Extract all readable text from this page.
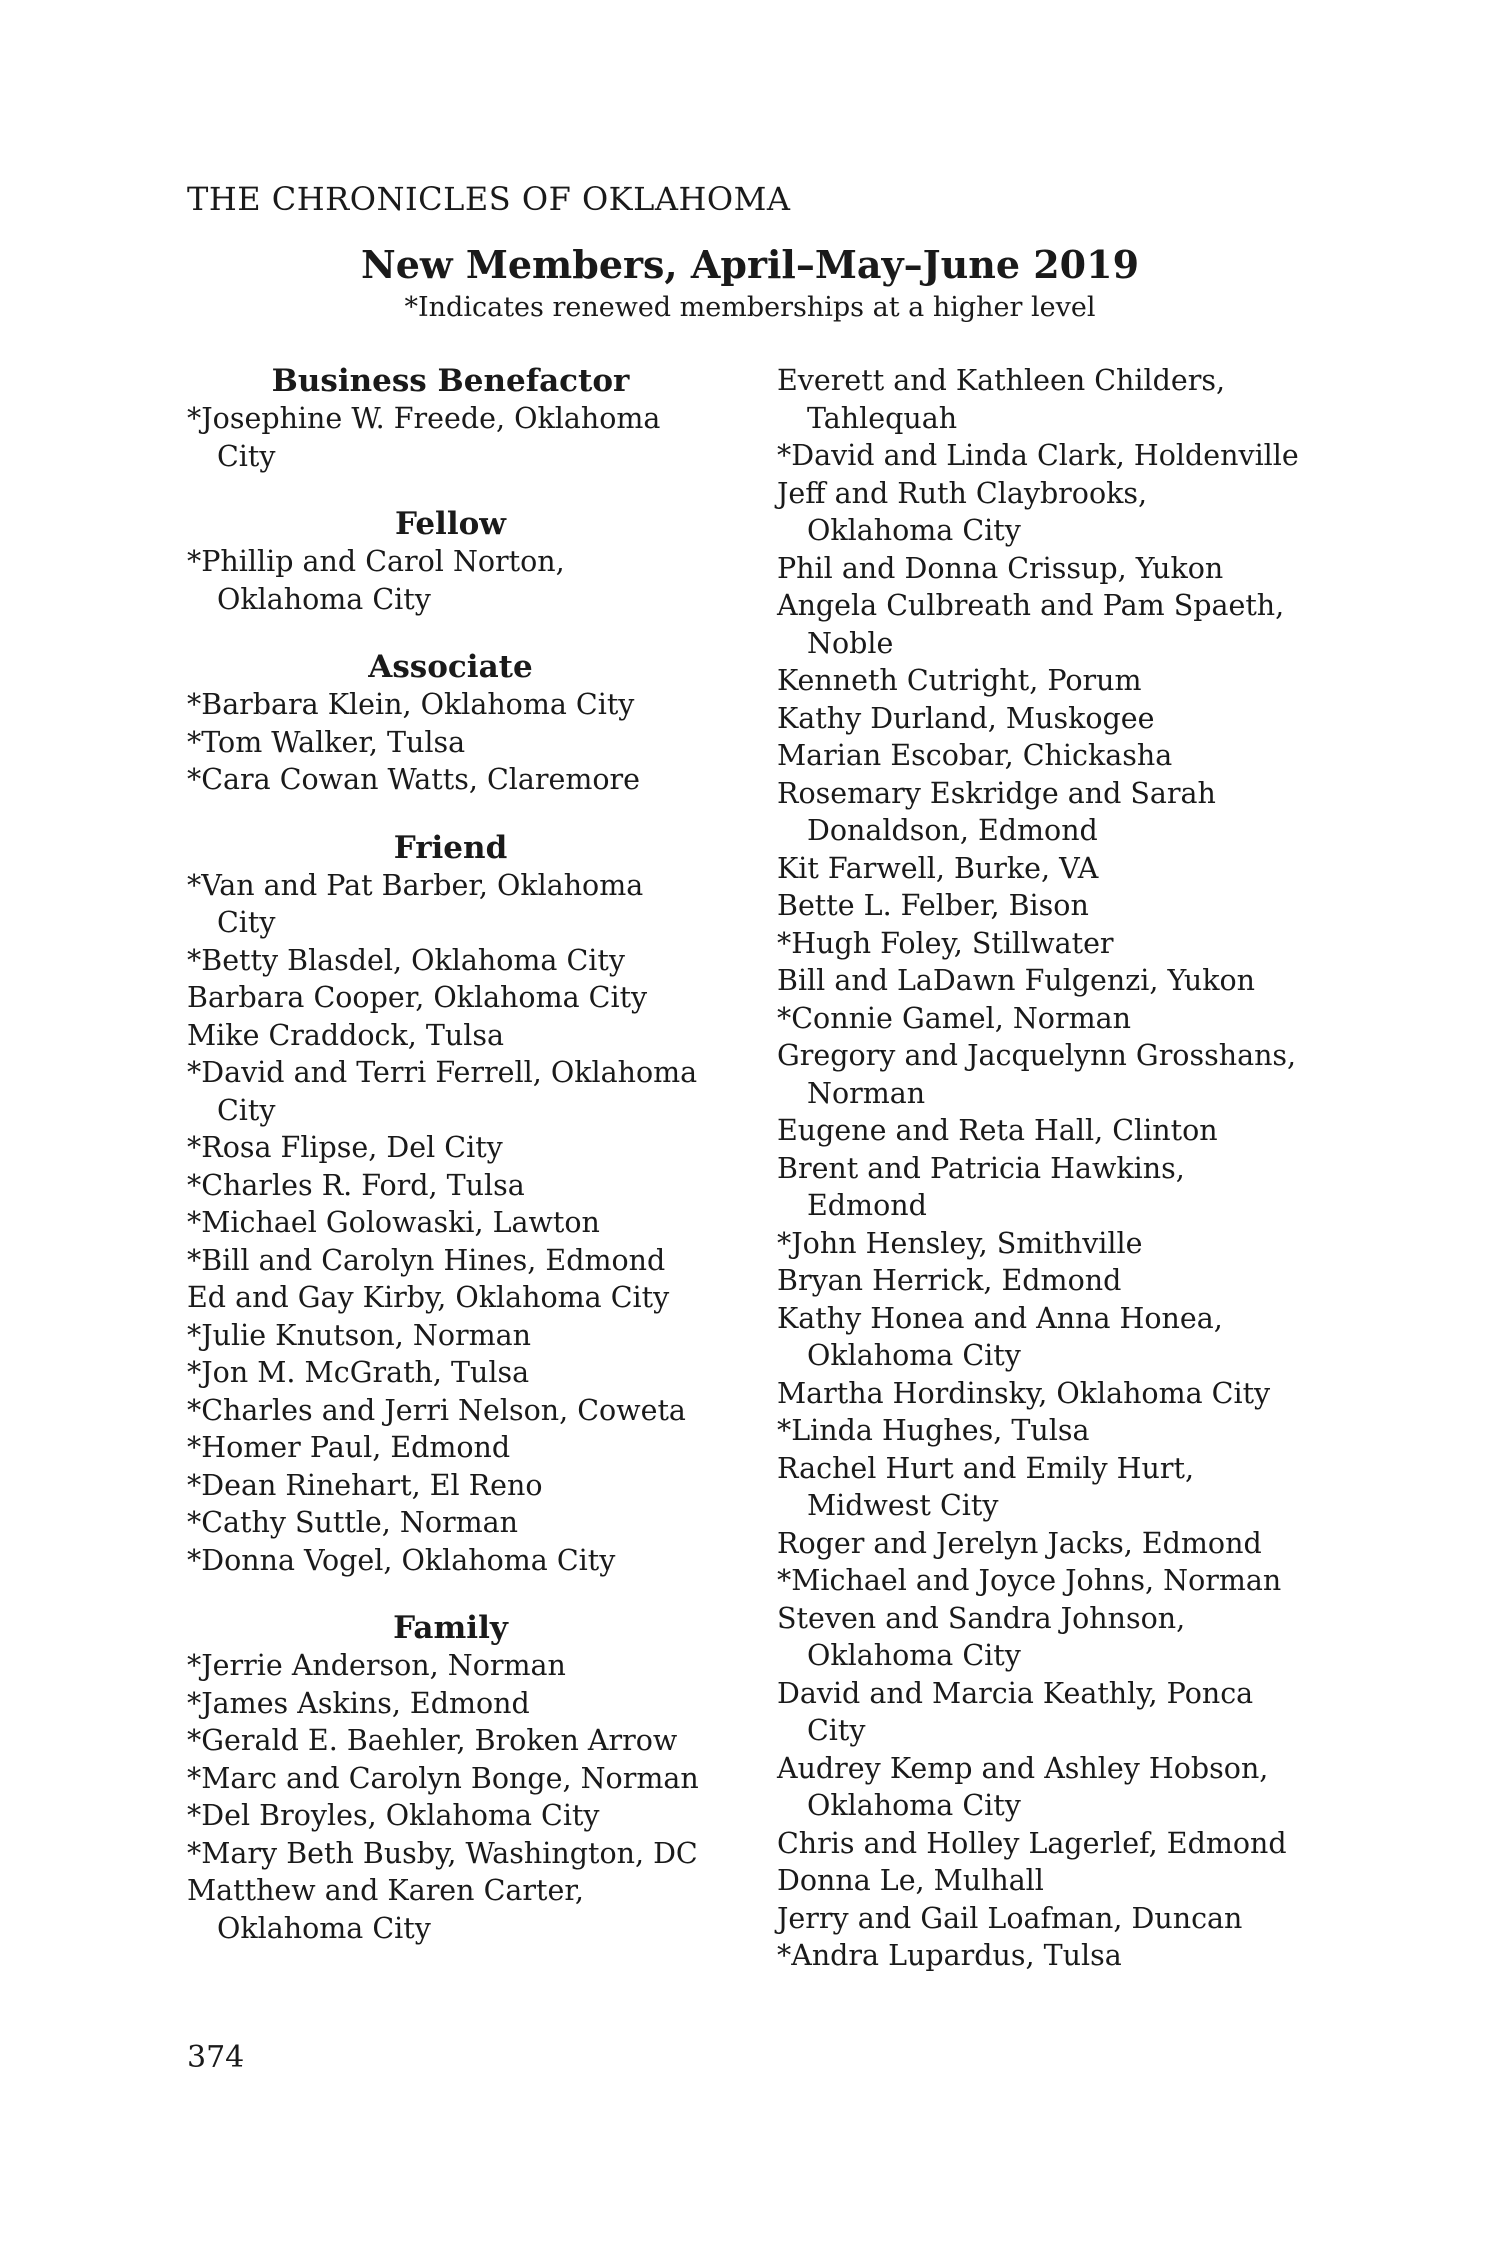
THE CHRONICLES OF OKLAHOMA
New Members, April–May–June 2019
*Indicates renewed memberships at a higher level
Business Benefactor
*Josephine W. Freede, Oklahoma
City
Fellow
*Phillip and Carol Norton,
Oklahoma City
Associate
*Barbara Klein, Oklahoma City
*Tom Walker, Tulsa
*Cara Cowan Watts, Claremore
Friend
*Van and Pat Barber, Oklahoma
City
*Betty Blasdel, Oklahoma City
Barbara Cooper, Oklahoma City
Mike Craddock, Tulsa
*David and Terri Ferrell, Oklahoma
City
*Rosa Flipse, Del City
*Charles R. Ford, Tulsa
*Michael Golowaski, Lawton
*Bill and Carolyn Hines, Edmond
Ed and Gay Kirby, Oklahoma City
*Julie Knutson, Norman
*Jon M. McGrath, Tulsa
*Charles and Jerri Nelson, Coweta
*Homer Paul, Edmond
*Dean Rinehart, El Reno
*Cathy Suttle, Norman
*Donna Vogel, Oklahoma City
Family
*Jerrie Anderson, Norman
*James Askins, Edmond
*Gerald E. Baehler, Broken Arrow
*Marc and Carolyn Bonge, Norman
*Del Broyles, Oklahoma City
*Mary Beth Busby, Washington, DC
Matthew and Karen Carter,
Oklahoma City
Everett and Kathleen Childers,
Tahlequah
*David and Linda Clark, Holdenville
Jeff and Ruth Claybrooks,
Oklahoma City
Phil and Donna Crissup, Yukon
Angela Culbreath and Pam Spaeth,
Noble
Kenneth Cutright, Porum
Kathy Durland, Muskogee
Marian Escobar, Chickasha
Rosemary Eskridge and Sarah
Donaldson, Edmond
Kit Farwell, Burke, VA
Bette L. Felber, Bison
*Hugh Foley, Stillwater
Bill and LaDawn Fulgenzi, Yukon
*Connie Gamel, Norman
Gregory and Jacquelynn Grosshans,
Norman
Eugene and Reta Hall, Clinton
Brent and Patricia Hawkins,
Edmond
*John Hensley, Smithville
Bryan Herrick, Edmond
Kathy Honea and Anna Honea,
Oklahoma City
Martha Hordinsky, Oklahoma City
*Linda Hughes, Tulsa
Rachel Hurt and Emily Hurt,
Midwest City
Roger and Jerelyn Jacks, Edmond
*Michael and Joyce Johns, Norman
Steven and Sandra Johnson,
Oklahoma City
David and Marcia Keathly, Ponca
City
Audrey Kemp and Ashley Hobson,
Oklahoma City
Chris and Holley Lagerlef, Edmond
Donna Le, Mulhall
Jerry and Gail Loafman, Duncan
*Andra Lupardus, Tulsa
374
